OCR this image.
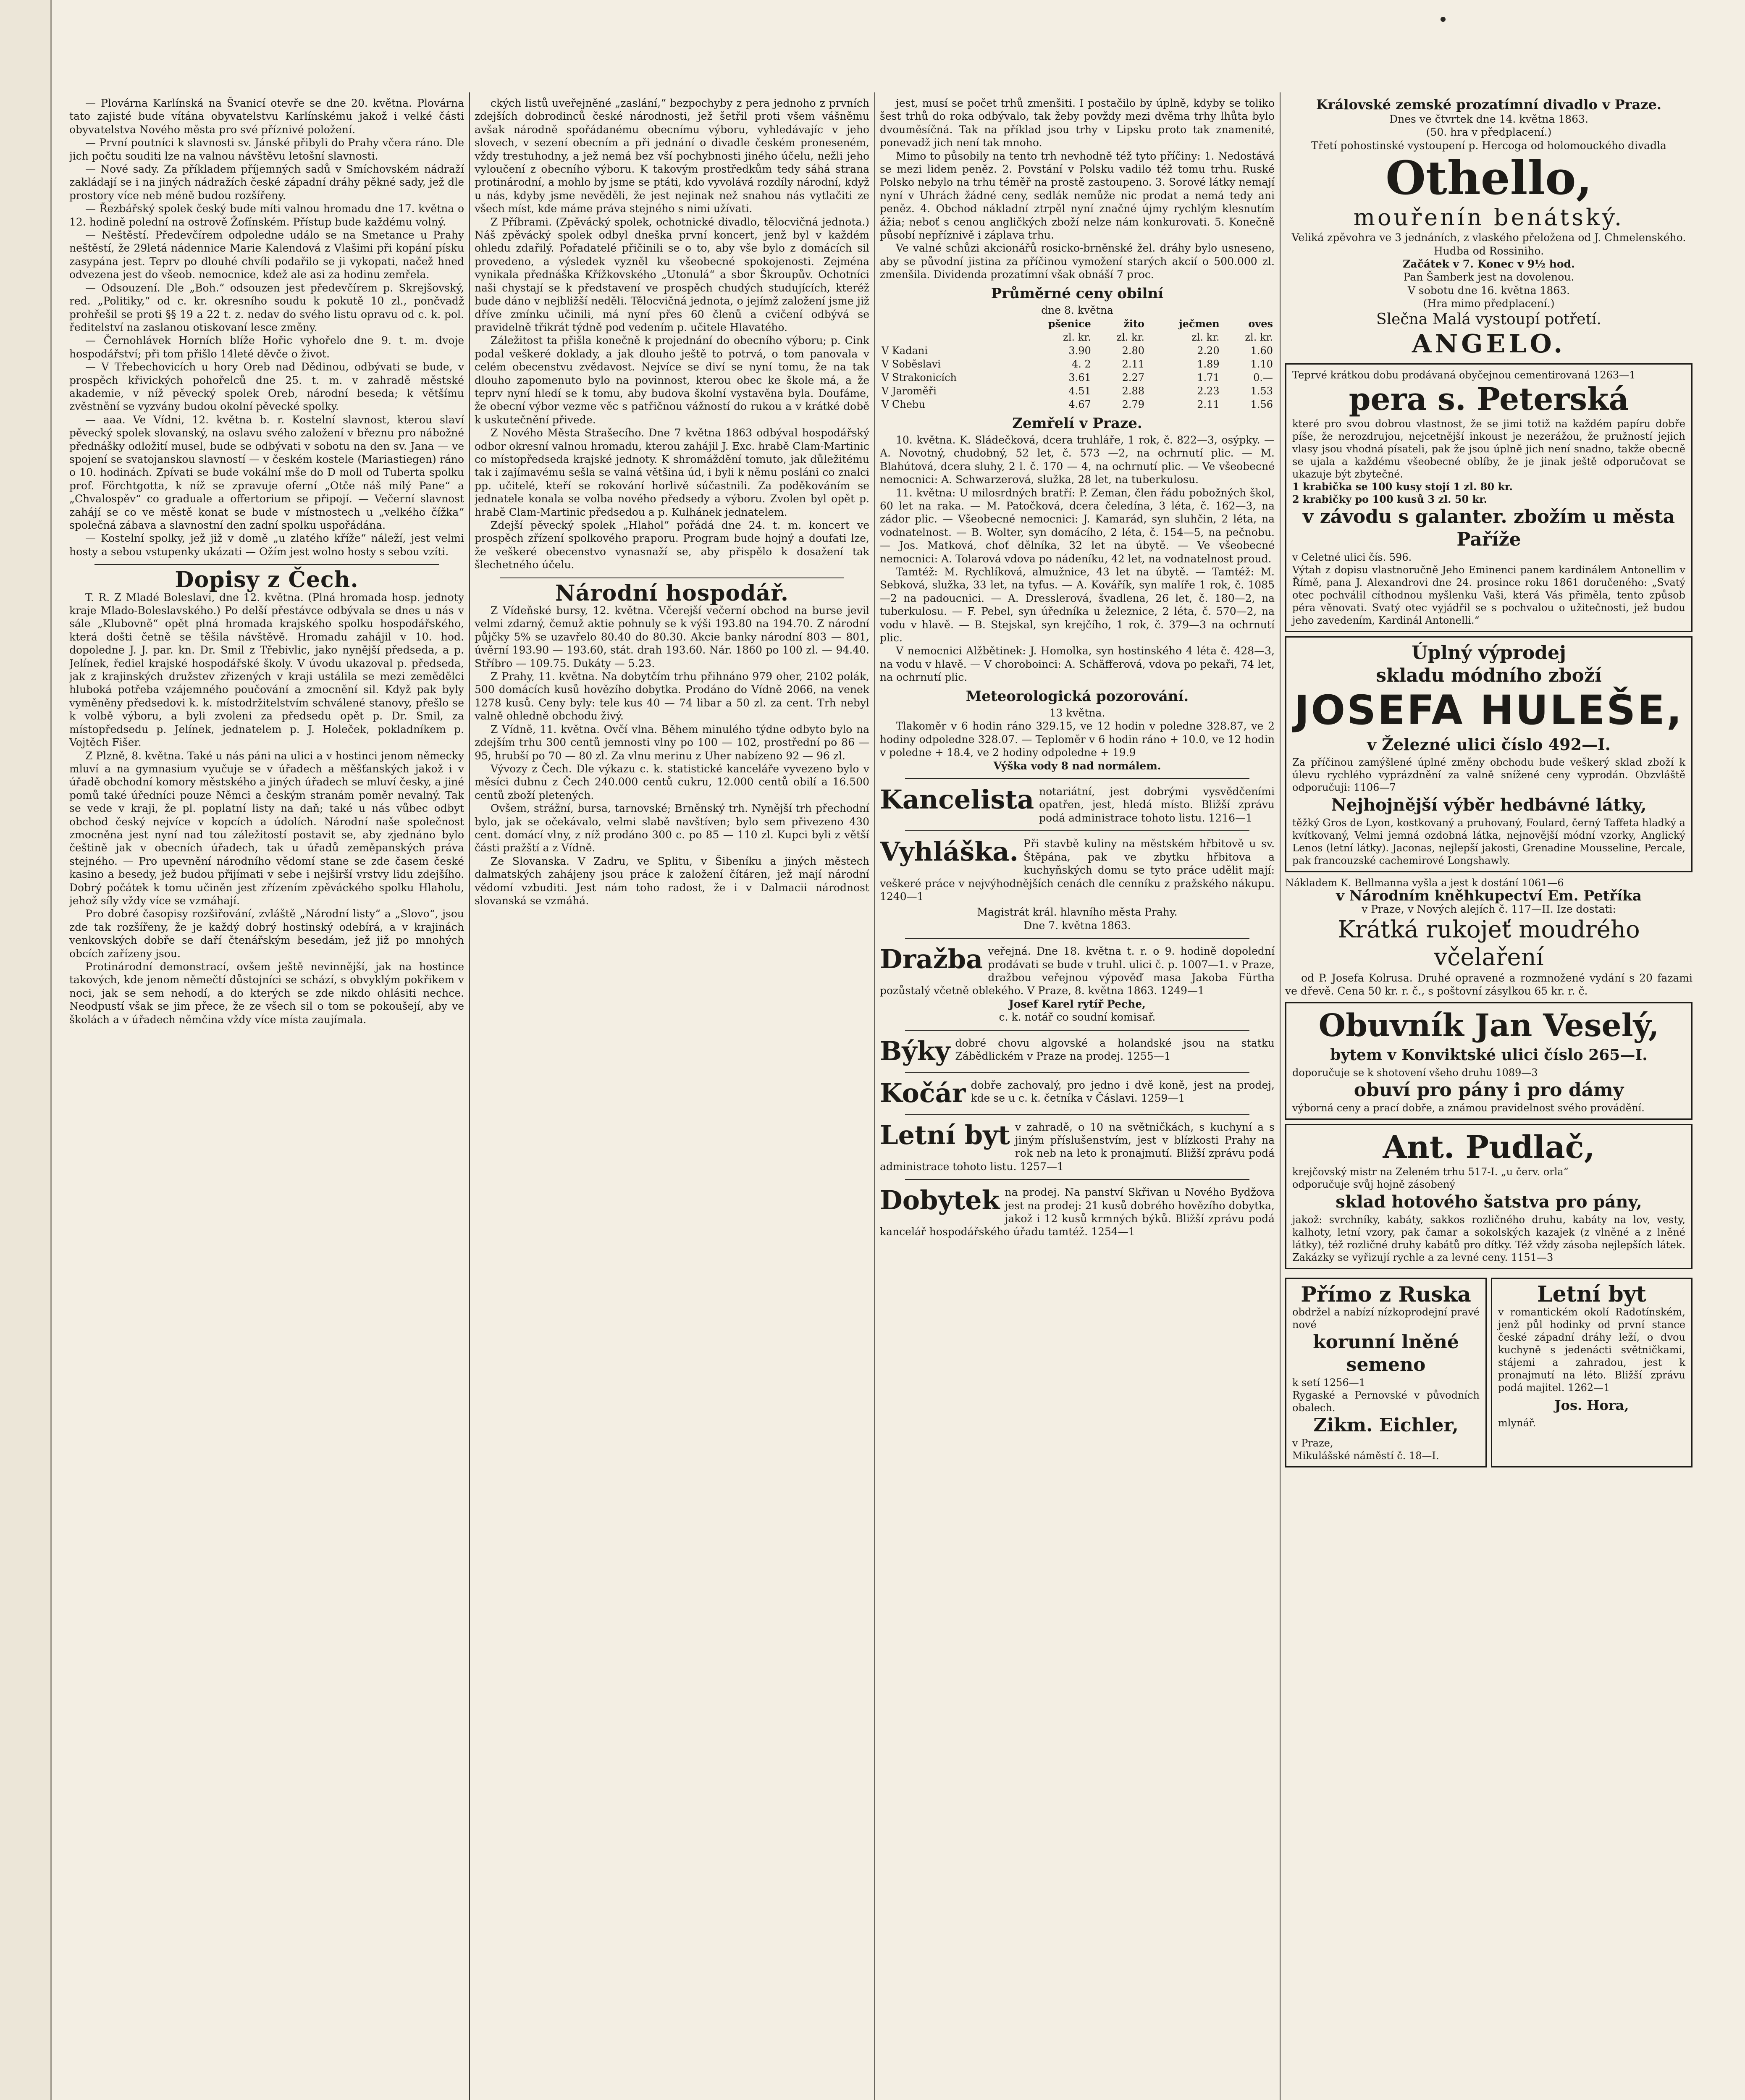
— Plovárna Karlínská na Švanicí otevře se dne 20. května. Plovárna tato zajisté bude vítána obyvatelstvu Karlínskému jakož i velké části obyvatelstva Nového města pro své příznivé položení.

— První poutníci k slavnosti sv. Jánské přibyli do Prahy včera ráno. Dle jich počtu souditi lze na valnou návštěvu letošní slavnosti.

— Nové sady. Za příkladem příjemných sadů v Smíchovském nádraží zakládají se i na jiných nádražích české západní dráhy pěkné sady, jež dle prostory více neb méně budou rozšířeny.

— Řezbářský spolek český bude míti valnou hromadu dne 17. května o 12. hodině polední na ostrově Žofínském. Přístup bude každému volný.

— Neštěstí. Předevčírem odpoledne událo se na Smetance u Prahy neštěstí, že 29letá nádennice Marie Kalendová z Vlašimi při kopání písku zasypána jest. Teprv po dlouhé chvíli podařilo se ji vykopati, načež hned odvezena jest do všeob. nemocnice, kdež ale asi za hodinu zemřela.

— Odsouzení. Dle „Boh.“ odsouzen jest předevčírem p. Skrejšovský, red. „Politiky,“ od c. kr. okresního soudu k pokutě 10 zl., pončvadž prohřešil se proti §§ 19 a 22 t. z. nedav do svého listu opravu od c. k. pol. ředitelství na zaslanou otiskovaní lesce změny.

— Černohlávek Horních blíže Hořic vyhořelo dne 9. t. m. dvoje hospodářství; při tom přišlo 14leté děvče o život.

— V Třebechovicích u hory Oreb nad Dědinou, odbývati se bude, v prospěch křivických pohořelců dne 25. t. m. v zahradě městské akademie, v níž pěvecký spolek Oreb, národní beseda; k většímu zvěstnění se vyzvány budou okolní pěvecké spolky.

— aaa. Ve Vídni, 12. května b. r. Kostelní slavnost, kterou slaví pěvecký spolek slovanský, na oslavu svého založení v březnu pro nábožné přednášky odložití musel, bude se odbývati v sobotu na den sv. Jana — ve spojení se svatojanskou slavností — v českém kostele (Mariastiegen) ráno o 10. hodinách. Zpívati se bude vokální mše do D moll od Tuberta spolku prof. Förchtgotta, k níž se zpravuje oferní „Otče náš milý Pane“ a „Chvalospěv“ co graduale a offertorium se připojí. — Večerní slavnost zahájí se co ve městě konat se bude v místnostech u „velkého čížka“ společná zábava a slavnostní den zadní spolku uspořádána.

— Kostelní spolky, jež již v domě „u zlatého kříže“ náleží, jest velmi hosty a sebou vstupenky ukázati — Ožím jest wolno hosty s sebou vzíti.

Dopisy z Čech.

T. R. Z Mladé Boleslavi, dne 12. května. (Plná hromada hosp. jednoty kraje Mlado-Boleslavského.) Po delší přestávce odbývala se dnes u nás v sále „Klubovně“ opět plná hromada krajského spolku hospodářského, která došti četně se těšila návštěvě. Hromadu zahájil v 10. hod. dopoledne J. J. par. kn. Dr. Smil z Třebivlic, jako nynější předseda, a p. Jelínek, řediel krajské hospodářské školy. V úvodu ukazoval p. předseda, jak z krajinských družstev zřizených v kraji ustálila se mezi zemědělci hluboká potřeba vzájemného poučování a zmocnění sil. Když pak byly vyměněny předsedovi k. k. místodržitelstvím schválené stanovy, přešlo se k volbě výboru, a byli zvoleni za předsedu opět p. Dr. Smil, za místopředsedu p. Jelínek, jednatelem p. J. Holeček, pokladníkem p. Vojtěch Fišer.

Z Plzně, 8. května. Také u nás páni na ulici a v hostinci jenom německy mluví a na gymnasium vyučuje se v úřadech a měšťanských jakož i v úřadě obchodní komory městského a jiných úřadech se mluví česky, a jiné pomů také úředníci pouze Němci a českým stranám poměr nevalný. Tak se vede v kraji, že pl. poplatní listy na daň; také u nás vůbec odbyt obchod český nejvíce v kopcích a údolích. Národní naše společnost zmocněna jest nyní nad tou záležitostí postavit se, aby zjednáno bylo češtině jak v obecních úřadech, tak u úřadů zeměpanských práva stejného. — Pro upevnění národního vědomí stane se zde časem české kasino a besedy, jež budou přijímati v sebe i nejširší vrstvy lidu zdejšího. Dobrý počátek k tomu učiněn jest zřízením zpěváckého spolku Hlaholu, jehož síly vždy více se vzmáhají.

Pro dobré časopisy rozšiřování, zvláště „Národní listy“ a „Slovo“, jsou zde tak rozšířeny, že je každý dobrý hostinský odebírá, a v krajinách venkovských dobře se daří čtenářským besedám, jež již po mnohých obcích zařízeny jsou.

Protinárodní demonstrací, ovšem ještě nevinnější, jak na hostince takových, kde jenom němečtí důstojníci se schází, s obvyklým pokřikem v noci, jak se sem nehodí, a do kterých se zde nikdo ohlásiti nechce. Neodpustí však se jim přece, že ze všech sil o tom se pokoušejí, aby ve školách a v úřadech němčina vždy více místa zaujímala.

ckých listů uveřejněné „zaslání,“ bezpochyby z pera jednoho z prvních zdejších dobrodinců české národnosti, jež šetřil proti všem vášněmu avšak národně spořádanému obecnímu výboru, vyhledávajíc v jeho slovech, v sezení obecním a při jednání o divadle českém proneseném, vždy trestuhodny, a jež nemá bez vší pochybnosti jiného účelu, nežli jeho vyloučení z obecního výboru. K takovým prostředkům tedy sáhá strana protinárodní, a mohlo by jsme se ptáti, kdo vyvolává rozdíly národní, když u nás, kdyby jsme nevěděli, že jest nejinak než snahou nás vytlačiti ze všech míst, kde máme práva stejného s nimi užívati.

Z Příbrami. (Zpěvácký spolek, ochotnické divadlo, tělocvičná jednota.) Náš zpěvácký spolek odbyl dneška první koncert, jenž byl v každém ohledu zdařilý. Pořadatelé přičinili se o to, aby vše bylo z domácích sil provedeno, a výsledek vyzněl ku všeobecné spokojenosti. Zejména vynikala přednáška Křížkovského „Utonulá“ a sbor Škroupův. Ochotníci naši chystají se k představení ve prospěch chudých studujících, kteréž bude dáno v nejbližší neděli. Tělocvičná jednota, o jejímž založení jsme již dříve zmínku učinili, má nyní přes 60 členů a cvičení odbývá se pravidelně třikrát týdně pod vedením p. učitele Hlavatého.

Záležitost ta přišla konečně k projednání do obecního výboru; p. Cink podal veškeré doklady, a jak dlouho ještě to potrvá, o tom panovala v celém obecenstvu zvědavost. Nejvíce se diví se nyní tomu, že na tak dlouho zapomenuto bylo na povinnost, kterou obec ke škole má, a že teprv nyní hledí se k tomu, aby budova školní vystavěna byla. Doufáme, že obecní výbor vezme věc s patřičnou vážností do rukou a v krátké době k uskutečnění přivede.

Z Nového Města Strašecího. Dne 7 května 1863 odbýval hospodářský odbor okresní valnou hromadu, kterou zahájil J. Exc. hrabě Clam-Martinic co místopředseda krajské jednoty. K shromáždění tomuto, jak důležitému tak i zajímavému sešla se valná většina úd, i byli k němu posláni co znalci pp. učitelé, kteří se rokování horlivě súčastnili. Za poděkováním se jednatele konala se volba nového předsedy a výboru. Zvolen byl opět p. hrabě Clam-Martinic předsedou a p. Kulhánek jednatelem.

Zdejší pěvecký spolek „Hlahol“ pořádá dne 24. t. m. koncert ve prospěch zřízení spolkového praporu. Program bude hojný a doufati lze, že veškeré obecenstvo vynasnaží se, aby přispělo k dosažení tak šlechetného účelu.

Národní hospodář.

Z Vídeňské bursy, 12. května. Včerejší večerní obchod na burse jevil velmi zdarný, čemuž aktie pohnuly se k výši 193.80 na 194.70. Z národní půjčky 5% se uzavřelo 80.40 do 80.30. Akcie banky národní 803 — 801, úvěrní 193.90 — 193.60, stát. drah 193.60. Nár. 1860 po 100 zl. — 94.40. Stříbro — 109.75. Dukáty — 5.23.

Z Prahy, 11. května. Na dobytčím trhu přihnáno 979 oher, 2102 polák, 500 domácích kusů hovězího dobytka. Prodáno do Vídně 2066, na venek 1278 kusů. Ceny byly: tele kus 40 — 74 libar a 50 zl. za cent. Trh nebyl valně ohledně obchodu živý.

Z Vídně, 11. května. Ovčí vlna. Během minulého týdne odbyto bylo na zdejším trhu 300 centů jemnosti vlny po 100 — 102, prostřední po 86 — 95, hrubší po 70 — 80 zl. Za vlnu merinu z Uher nabízeno 92 — 96 zl.

Vývozy z Čech. Dle výkazu c. k. statistické kanceláře vyvezeno bylo v měsíci dubnu z Čech 240.000 centů cukru, 12.000 centů obilí a 16.500 centů zboží pletených.

Ovšem, strážní, bursa, tarnovské; Brněnský trh. Nynější trh přechodní bylo, jak se očekávalo, velmi slabě navštíven; bylo sem přivezeno 430 cent. domácí vlny, z níž prodáno 300 c. po 85 — 110 zl. Kupci byli z větší části pražští a z Vídně.

Ze Slovanska. V Zadru, ve Splitu, v Šibeníku a jiných městech dalmatských zahájeny jsou práce k založení čítáren, jež mají národní vědomí vzbuditi. Jest nám toho radost, že i v Dalmacii národnost slovanská se vzmáhá.

jest, musí se počet trhů zmenšiti. I postačilo by úplně, kdyby se toliko šest trhů do roka odbývalo, tak žeby povždy mezi dvěma trhy lhůta bylo dvouměsíčná. Tak na příklad jsou trhy v Lipsku proto tak znamenité, ponevadž jich není tak mnoho.

Mimo to působily na tento trh nevhodně též tyto příčiny: 1. Nedostává se mezi lidem peněz. 2. Povstání v Polsku vadilo též tomu trhu. Ruské Polsko nebylo na trhu téměř na prostě zastoupeno. 3. Sorové látky nemají nyní v Uhrách žádné ceny, sedlák nemůže nic prodat a nemá tedy ani peněz. 4. Obchod nákladní ztrpěl nyní značné újmy rychlým klesnutím ážia; neboť s cenou angličkých zboží nelze nám konkurovati. 5. Konečně působí nepříznivě i záplava trhu.

Ve valné schůzi akcionářů rosicko-brněnské žel. dráhy bylo usneseno, aby se původní jistina za příčinou vymožení starých akcií o 500.000 zl. zmenšila. Dividenda prozatímní však obnáší 7 proc.

Průměrné ceny obilní
dne 8. května
	pšenice	žito	ječmen	oves
	zl. kr.	zl. kr.	zl. kr.	zl. kr.
V Kadani	3.90	2.80	2.20	1.60
V Soběslavi	4. 2	2.11	1.89	1.10
V Strakonicích	3.61	2.27	1.71	0.—
V Jaroměři	4.51	2.88	2.23	1.53
V Chebu	4.67	2.79	2.11	1.56
Zemřelí v Praze.

10. května. K. Sládečková, dcera truhláře, 1 rok, č. 822—3, osýpky. — A. Novotný, chudobný, 52 let, č. 573 —2, na ochrnutí plic. — M. Blahútová, dcera sluhy, 2 l. č. 170 — 4, na ochrnutí plic. — Ve všeobecné nemocnici: A. Schwarzerová, služka, 28 let, na tuberkulosu.

11. května: U milosrdných bratří: P. Zeman, člen řádu pobožných škol, 60 let na raka. — M. Patočková, dcera čeledína, 3 léta, č. 162—3, na zádor plic. — Všeobecné nemocnici: J. Kamarád, syn sluhčin, 2 léta, na vodnatelnost. — B. Wolter, syn domácího, 2 léta, č. 154—5, na pečnobu. — Jos. Matková, choť dělníka, 32 let na úbytě. — Ve všeobecné nemocnici: A. Tolarová vdova po nádeníku, 42 let, na vodnatelnost proud.

Tamtéž: M. Rychlíková, almužnice, 43 let na úbytě. — Tamtéž: M. Sebková, služka, 33 let, na tyfus. — A. Kovářík, syn malíře 1 rok, č. 1085—2 na padoucnici. — A. Dresslerová, švadlena, 26 let, č. 180—2, na tuberkulosu. — F. Pebel, syn úředníka u železnice, 2 léta, č. 570—2, na vodu v hlavě. — B. Stejskal, syn krejčího, 1 rok, č. 379—3 na ochrnutí plic.

V nemocnici Alžbětinek: J. Homolka, syn hostinského 4 léta č. 428—3, na vodu v hlavě. — V choroboinci: A. Schäfferová, vdova po pekaři, 74 let, na ochrnutí plic.

Meteorologická pozorování.
13 května.

Tlakoměr v 6 hodin ráno 329.15, ve 12 hodin v poledne 328.87, ve 2 hodiny odpoledne 328.07. — Teploměr v 6 hodin ráno + 10.0, ve 12 hodin v poledne + 18.4, ve 2 hodiny odpoledne + 19.9

Výška vody 8 nad normálem.
Kancelista notariátní, jest dobrými vysvědčeními opatřen, jest, hledá místo. Bližší zprávu podá administrace tohoto listu. 1216—1
Vyhláška. Při stavbě kuliny na městském hřbitově u sv. Štěpána, pak ve zbytku hřbitova a kuchyňských domu se tyto práce udělit mají: veškeré práce v nejvýhodnějších cenách dle cenníku z pražského nákupu. 1240—1
Magistrát král. hlavního města Prahy.
Dne 7. května 1863.
Dražba veřejná. Dne 18. května t. r. o 9. hodině dopolední prodávati se bude v truhl. ulici č. p. 1007—1. v Praze, dražbou veřejnou výpověď masa Jakoba Fürtha pozůstalý včetně oblekého. V Praze, 8. května 1863. 1249—1
Josef Karel rytíř Peche,
c. k. notář co soudní komisař.
Býky dobré chovu algovské a holandské jsou na statku Zábědlickém v Praze na prodej. 1255—1
Kočár dobře zachovalý, pro jedno i dvě koně, jest na prodej, kde se u c. k. četníka v Čáslavi. 1259—1
Letní byt v zahradě, o 10 na světničkách, s kuchyní a s jiným příslušenstvím, jest v blízkosti Prahy na rok neb na leto k pronajmutí. Bližší zprávu podá administrace tohoto listu. 1257—1
Dobytek na prodej. Na panství Skřivan u Nového Bydžova jest na prodej: 21 kusů dobrého hovězího dobytka, jakož i 12 kusů krmných býků. Bližší zprávu podá kancelář hospodářského úřadu tamtéž. 1254—1
Královské zemské prozatímní divadlo v Praze.
Dnes ve čtvrtek dne 14. května 1863.
(50. hra v předplacení.)
Třetí pohostinské vystoupení p. Hercoga od holomouckého divadla
Othello,
mouřenín benátský.
Veliká zpěvohra ve 3 jednáních, z vlaského přeložena od J. Chmelenského. Hudba od Rossiniho.
Začátek v 7. Konec v 9½ hod.
Pan Šamberk jest na dovolenou.
V sobotu dne 16. května 1863.
(Hra mimo předplacení.)
Slečna Malá vystoupí potřetí.
ANGELO.
Teprvé krátkou dobu prodávaná obyčejnou cementirovaná 1263—1
pera s. Peterská
které pro svou dobrou vlastnost, že se jimi totiž na každém papíru dobře píše, že nerozdrujou, nejcetnější inkoust je nezerážou, že pružností jejich vlasy jsou vhodná písateli, pak že jsou úplně jich není snadno, takže obecně se ujala a každému všeobecné oblíby, že je jinak ještě odporučovat se ukazuje být zbytečné.
1 krabička se 100 kusy stojí 1 zl. 80 kr.
2 krabičky po 100 kusů 3 zl. 50 kr.
v závodu s galanter. zbožím u města Paříže
v Celetné ulici čís. 596.
Výtah z dopisu vlastnoručně Jeho Eminenci panem kardinálem Antonellim v Římě, pana J. Alexandrovi dne 24. prosince roku 1861 doručeného: „Svatý otec pochválil cíthodnou myšlenku Vaši, která Vás přiměla, tento způsob péra věnovati. Svatý otec vyjádřil se s pochvalou o užitečnosti, jež budou jeho zavedením, Kardinál Antonelli.“
Úplný výprodej
skladu módního zboží
JOSEFA HULEŠE,
v Železné ulici číslo 492—I.
Za příčinou zamýšlené úplné změny obchodu bude veškerý sklad zboží k úlevu rychlého vyprázdnění za valně snížené ceny vyprodán. Obzvláště odporučuji: 1106—7
Nejhojnější výběr hedbávné látky,
těžký Gros de Lyon, kostkovaný a pruhovaný, Foulard, černý Taffeta hladký a kvítkovaný, Velmi jemná ozdobná látka, nejnovější módní vzorky, Anglický Lenos (letní látky). Jaconas, nejlepší jakosti, Grenadine Mousseline, Percale, pak francouzské cachemirové Longshawly.
Nákladem K. Bellmanna vyšla a jest k dostání 1061—6
v Národním kněhkupectví Em. Petříka
v Praze, v Nových alejích č. 117—II. Ize dostati:
Krátká rukojeť moudrého včelaření

od P. Josefa Kolrusa. Druhé opravené a rozmnožené vydání s 20 fazami ve dřevě. Cena 50 kr. r. č., s poštovní zásylkou 65 kr. r. č.

Obuvník Jan Veselý,
bytem v Konviktské ulici číslo 265—I.
doporučuje se k shotovení všeho druhu 1089—3
obuví pro pány i pro dámy
výborná ceny a prací dobře, a známou pravidelnost svého provádění.
Ant. Pudlač,
krejčovský mistr na Zeleném trhu 517-I. „u červ. orla“
odporučuje svůj hojně zásobený
sklad hotového šatstva pro pány,
jakož: svrchníky, kabáty, sakkos rozličného druhu, kabáty na lov, vesty, kalhoty, letní vzory, pak čamar a sokolských kazajek (z vlněné a z lněné látky), též rozličné druhy kabátů pro dítky. Též vždy zásoba nejlepších látek. Zakázky se vyřizují rychle a za levné ceny. 1151—3
Přímo z Ruska
obdržel a nabízí nízkoprodejní pravé nové
korunní lněné semeno
k setí 1256—1
Rygaské a Pernovské v původních obalech.
Zikm. Eichler,
v Praze,
Mikulášské náměstí č. 18—I.
Letní byt
v romantickém okolí Radotínském, jenž půl hodinky od první stance české západní dráhy leží, o dvou kuchyně s jedenácti světničkami, stájemi a zahradou, jest k pronajmutí na léto. Bližší zprávu podá majitel. 1262—1
Jos. Hora,
mlynář.
